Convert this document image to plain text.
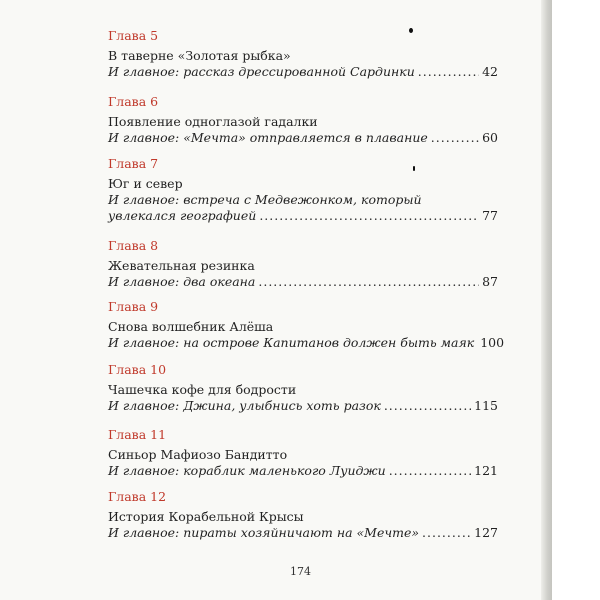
Глава 5
В таверне «Золотая рыбка»
И главное: рассказ дрессированной Сардинки .....	42
Глава 6
Появление одноглазой гадалки
И главное: «Мечта» отправляется в плавание .....	60
Глава 7
Юг и север
И главное: встреча с Медвежонком, который
увлекался географией .....	77
Глава 8
Жевательная резинка
И главное: два океана .....	87
Глава 9
Снова волшебник Алёша
И главное: на острове Капитанов должен быть маяк 100
Глава 10
Чашечка кофе для бодрости
И главное: Джина, улыбнись хоть разок .....	115
Глава 11
Синьор Мафиозо Бандитто
И главное: кораблик маленького Луиджи .....	121
Глава 12
История Корабельной Крысы
И главное: пираты хозяйничают на «Мечте» .....	127
174
